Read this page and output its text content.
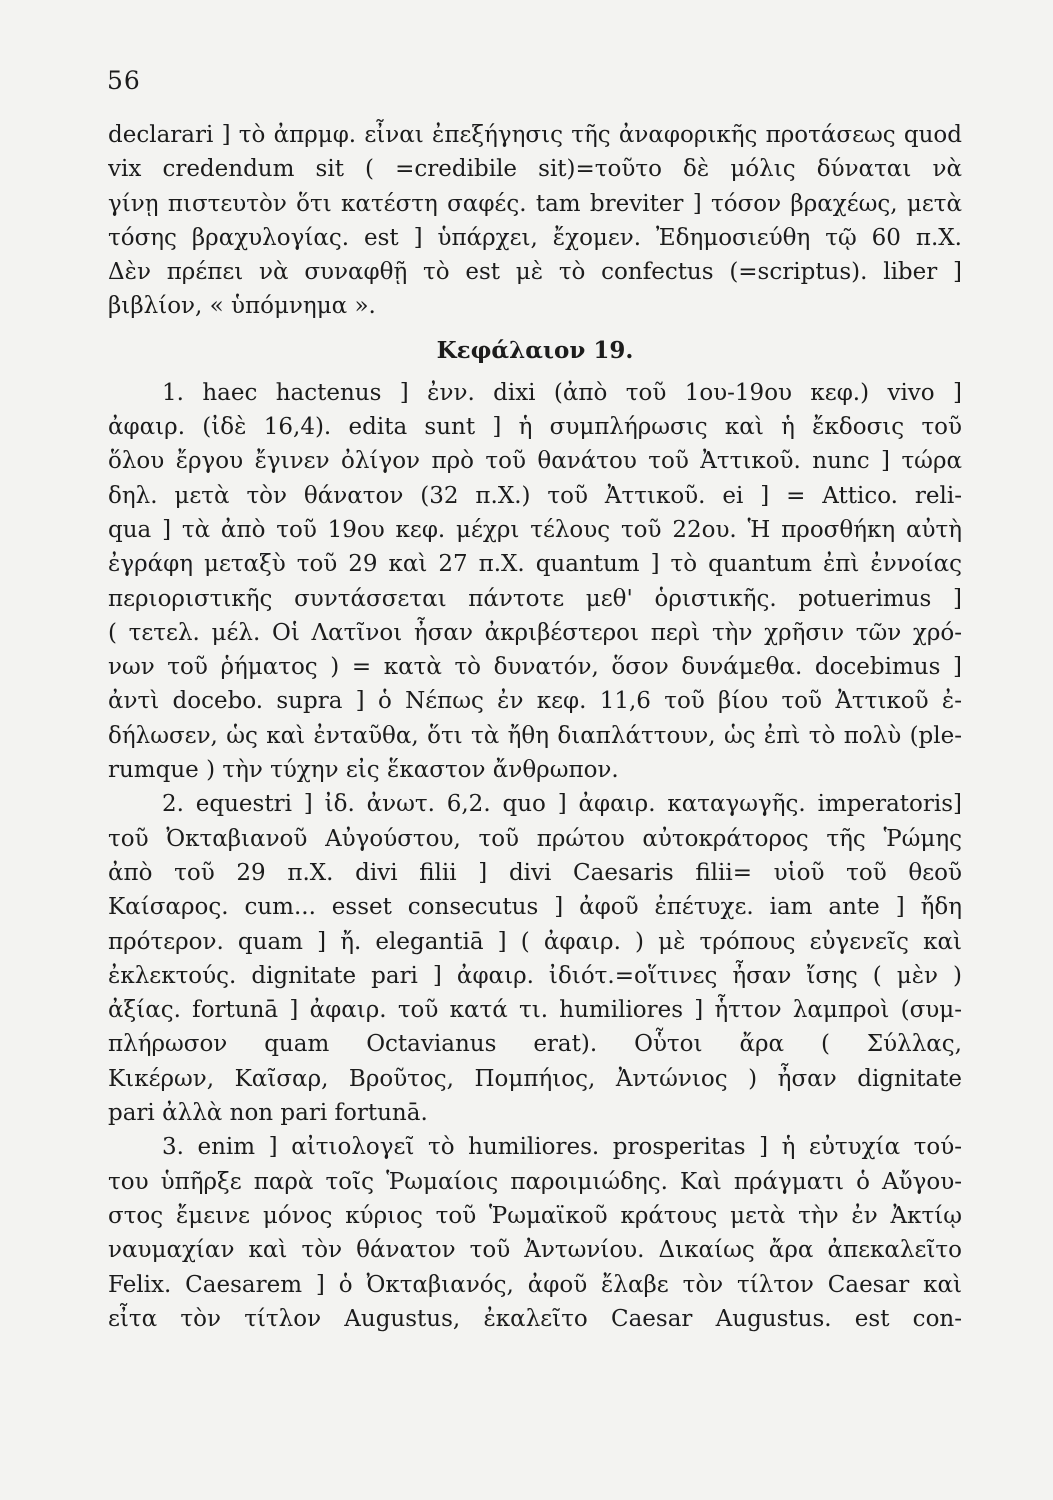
56
declarari ] τὸ ἀπρμφ. εἶναι ἐπεξήγησις τῆς ἀναφορικῆς προτάσεως quod
vix credendum sit ( =credibile sit)=τοῦτο δὲ μόλις δύναται νὰ
γίνῃ πιστευτὸν ὅτι κατέστη σαφές. tam breviter ] τόσον βραχέως, μετὰ
τόσης βραχυλογίας. est ] ὑπάρχει, ἔχομεν. Ἐδημοσιεύθη τῷ 60 π.Χ.
Δὲν πρέπει νὰ συναφθῇ τὸ est μὲ τὸ confectus (=scriptus). liber ]
βιβλίον, « ὑπόμνημα ».
Κεφάλαιον 19.
1. haec hactenus ] ἐνν. dixi (ἀπὸ τοῦ 1ου-19ου κεφ.) vivo ]
ἀφαιρ. (ἰδὲ 16,4). edita sunt ] ἡ συμπλήρωσις καὶ ἡ ἔκδοσις τοῦ
ὅλου ἔργου ἔγινεν ὀλίγον πρὸ τοῦ θανάτου τοῦ Ἀττικοῦ. nunc ] τώρα
δηλ. μετὰ τὸν θάνατον (32 π.Χ.) τοῦ Ἀττικοῦ. ei ] = Attico. reli-
qua ] τὰ ἀπὸ τοῦ 19ου κεφ. μέχρι τέλους τοῦ 22ου. Ἡ προσθήκη αὐτὴ
ἐγράφη μεταξὺ τοῦ 29 καὶ 27 π.Χ. quantum ] τὸ quantum ἐπὶ ἐννοίας
περιοριστικῆς συντάσσεται πάντοτε μεθ' ὁριστικῆς. potuerimus ]
( τετελ. μέλ. Οἱ Λατῖνοι ἦσαν ἀκριβέστεροι περὶ τὴν χρῆσιν τῶν χρό-
νων τοῦ ῥήματος ) = κατὰ τὸ δυνατόν, ὅσον δυνάμεθα. docebimus ]
ἀντὶ docebo. supra ] ὁ Νέπως ἐν κεφ. 11,6 τοῦ βίου τοῦ Ἀττικοῦ ἐ-
δήλωσεν, ὡς καὶ ἐνταῦθα, ὅτι τὰ ἤθη διαπλάττουν, ὡς ἐπὶ τὸ πολὺ (ple-
rumque ) τὴν τύχην εἰς ἕκαστον ἄνθρωπον.
2. equestri ] ἰδ. ἀνωτ. 6,2. quo ] ἀφαιρ. καταγωγῆς. imperatoris]
τοῦ Ὀκταβιανοῦ Αὐγούστου, τοῦ πρώτου αὐτοκράτορος τῆς Ῥώμης
ἀπὸ τοῦ 29 π.Χ. divi filii ] divi Caesaris filii= υἱοῦ τοῦ θεοῦ
Καίσαρος. cum... esset consecutus ] ἀφοῦ ἐπέτυχε. iam ante ] ἤδη
πρότερον. quam ] ἤ. elegantiā ] ( ἀφαιρ. ) μὲ τρόπους εὐγενεῖς καὶ
ἐκλεκτούς. dignitate pari ] ἀφαιρ. ἰδιότ.=οἵτινες ἦσαν ἴσης ( μὲν )
ἀξίας. fortunā ] ἀφαιρ. τοῦ κατά τι. humiliores ] ἧττον λαμπροὶ (συμ-
πλήρωσον quam Octavianus erat). Οὗτοι ἄρα ( Σύλλας,
Κικέρων, Καῖσαρ, Βροῦτος, Πομπήιος, Ἀντώνιος ) ἦσαν dignitate
pari ἀλλὰ non pari fortunā.
3. enim ] αἰτιολογεῖ τὸ humiliores. prosperitas ] ἡ εὐτυχία τού-
του ὑπῆρξε παρὰ τοῖς Ῥωμαίοις παροιμιώδης. Καὶ πράγματι ὁ Αὔγου-
στος ἔμεινε μόνος κύριος τοῦ Ῥωμαϊκοῦ κράτους μετὰ τὴν ἐν Ἀκτίῳ
ναυμαχίαν καὶ τὸν θάνατον τοῦ Ἀντωνίου. Δικαίως ἄρα ἀπεκαλεῖτο
Felix. Caesarem ] ὁ Ὀκταβιανός, ἀφοῦ ἔλαβε τὸν τίλτον Caesar καὶ
εἶτα τὸν τίτλον Augustus, ἐκαλεῖτο Caesar Augustus. est con-
